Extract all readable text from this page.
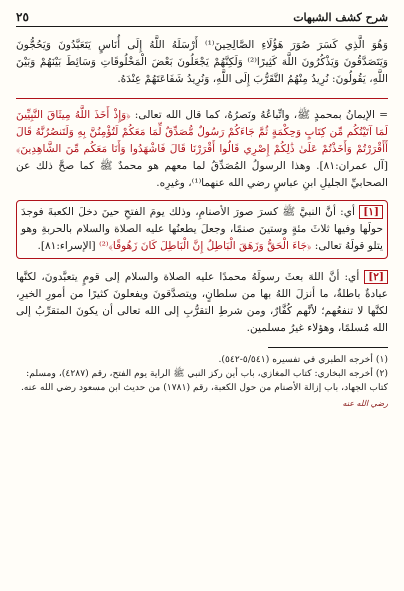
شرح كشف الشبهات
٢٥

وَهُوَ الَّذِي كَسَرَ صُوَرَ هَؤُلَاءِ الصَّالِحِينَ⁽¹⁾ أَرْسَلَهُ اللَّهُ إِلَى أُنَاسٍ يَتَعَبَّدُونَ وَيَحُجُّونَ وَيَتَصَدَّقُونَ وَيَذْكُرُونَ اللَّهَ كَثِيرًا⁽²⁾ وَلَكِنَّهُمْ يَجْعَلُونَ بَعْضَ الْمَخْلُوقَاتِ وَسَائِطَ بَيْنَهُمْ وَبَيْنَ اللَّهِ، يَقُولُونَ: نُرِيدُ مِنْهُمُ التَّقَرُّبَ إِلَى اللَّهِ، وَنُرِيدُ شَفَاعَتَهُمْ عِنْدَهُ.

= الإيمانُ بمحمدٍ ﷺ، واتِّباعُهُ ونَصرُهُ، كما قال الله تعالى: ﴿وَإِذْ أَخَذَ اللَّهُ مِيثَاقَ النَّبِيِّينَ لَمَا آتَيْتُكُم مِّن كِتَابٍ وَحِكْمَةٍ ثُمَّ جَاءَكُمْ رَسُولٌ مُّصَدِّقٌ لِّمَا مَعَكُمْ لَتُؤْمِنُنَّ بِهِ وَلَتَنصُرُنَّهُ قَالَ أَأَقْرَرْتُمْ وَأَخَذْتُمْ عَلَىٰ ذَٰلِكُمْ إِصْرِي قَالُوا أَقْرَرْنَا قَالَ فَاشْهَدُوا وَأَنَا مَعَكُم مِّنَ الشَّاهِدِينَ﴾ [آل عمران:٨١]. وهذا الرسولُ المُصَدِّقُ لما معهم هو محمدٌ ﷺ كما صحَّ ذلك عن الصحابيِّ الجليلِ ابنِ عباسٍ رضي الله عنهما⁽¹⁾، وغيرِه.

[١] أي: أنَّ النبيَّ ﷺ كسرَ صورَ الأصنامِ، وذلك يومَ الفتحِ حينَ دخلَ الكعبةَ فوجدَ حولَها وفيها ثلاثَ مئةٍ وستينَ صنمًا، وجعلَ يطعنُها عليه الصلاة والسلام بالحربةِ وهو يتلو قولَهُ تعالى: ﴿جَاءَ الْحَقُّ وَزَهَقَ الْبَاطِلُ إِنَّ الْبَاطِلَ كَانَ زَهُوقًا﴾⁽²⁾ [الإسراء:٨١].

[٢] أي: أنَّ اللهَ بعثَ رسولَهُ محمدًا عليه الصلاة والسلام إلى قومٍ يتعبَّدونَ، لكنَّها عبادةٌ باطلةٌ، ما أنزلَ اللهُ بها من سلطانٍ، ويتصدَّقونَ ويفعلونَ كثيرًا من أمورِ الخيرِ، لكنَّها لا تنفعُهم؛ لأنَّهم كُفَّارٌ، ومن شرطِ التقرُّبِ إلى الله تعالى أن يكونَ المتقرِّبُ إلى الله مُسلمًا، وهؤلاء غيرُ مسلمين.

(١) أخرجه الطبري في تفسيره (٥/٥٤١-٥٤٢).

(٢) أخرجه البخاري: كتاب المغازي، باب أين ركز النبي ﷺ الراية يوم الفتح، رقم (٤٢٨٧)، ومسلم: كتاب الجهاد، باب إزالة الأصنام من حول الكعبة، رقم (١٧٨١) من حديث ابن مسعود رضي الله عنه.

رضي الله عنه
